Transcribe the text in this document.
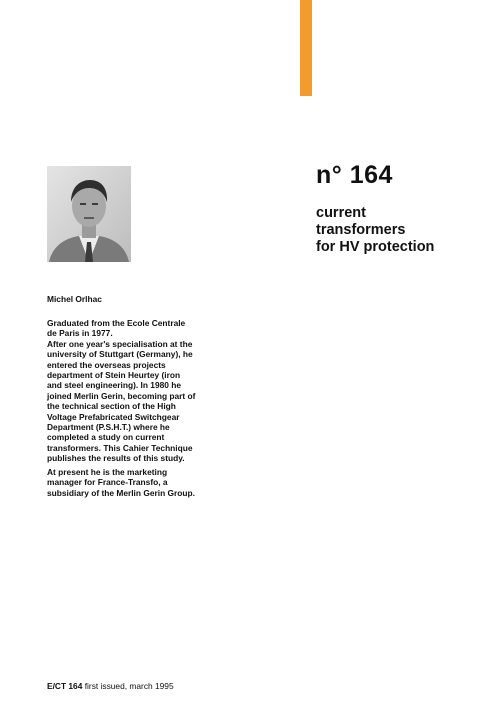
n° 164
current
transformers
for HV protection
Michel Orlhac

Graduated from the Ecole Centrale de Paris in 1977.

After one year's specialisation at the university of Stuttgart (Germany), he entered the overseas projects department of Stein Heurtey (iron and steel engineering). In 1980 he joined Merlin Gerin, becoming part of the technical section of the High Voltage Prefabricated Switchgear Department (P.S.H.T.) where he completed a study on current transformers. This Cahier Technique publishes the results of this study.

At present he is the marketing manager for France-Transfo, a subsidiary of the Merlin Gerin Group.

E/CT 164 first issued, march 1995
